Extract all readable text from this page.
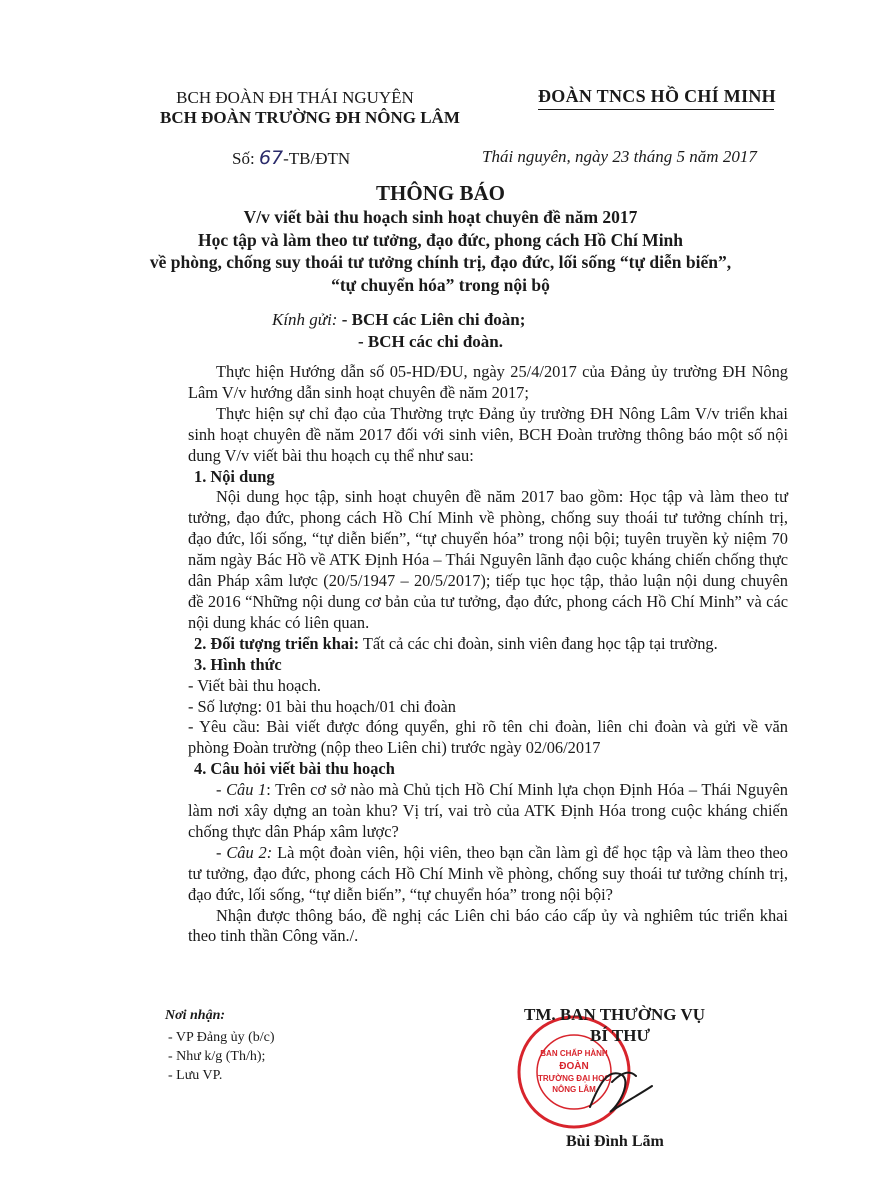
BCH ĐOÀN ĐH THÁI NGUYÊN
BCH ĐOÀN TRƯỜNG ĐH NÔNG LÂM
ĐOÀN TNCS HỒ CHÍ MINH
Số: 67-TB/ĐTN	Thái nguyên, ngày 23 tháng 5 năm 2017
THÔNG BÁO
V/v viết bài thu hoạch sinh hoạt chuyên đề năm 2017
Học tập và làm theo tư tưởng, đạo đức, phong cách Hồ Chí Minh
về phòng, chống suy thoái tư tưởng chính trị, đạo đức, lối sống “tự diễn biến”,
“tự chuyển hóa” trong nội bộ
Kính gửi: - BCH các Liên chi đoàn;
- BCH các chi đoàn.

Thực hiện Hướng dẫn số 05-HD/ĐU, ngày 25/4/2017 của Đảng ủy trường ĐH Nông Lâm V/v hướng dẫn sinh hoạt chuyên đề năm 2017;

Thực hiện sự chỉ đạo của Thường trực Đảng ủy trường ĐH Nông Lâm V/v triển khai sinh hoạt chuyên đề năm 2017 đối với sinh viên, BCH Đoàn trường thông báo một số nội dung V/v viết bài thu hoạch cụ thể như sau:

1. Nội dung

Nội dung học tập, sinh hoạt chuyên đề năm 2017 bao gồm: Học tập và làm theo tư tưởng, đạo đức, phong cách Hồ Chí Minh về phòng, chống suy thoái tư tưởng chính trị, đạo đức, lối sống, “tự diễn biến”, “tự chuyển hóa” trong nội bội; tuyên truyền kỷ niệm 70 năm ngày Bác Hồ về ATK Định Hóa – Thái Nguyên lãnh đạo cuộc kháng chiến chống thực dân Pháp xâm lược (20/5/1947 – 20/5/2017); tiếp tục học tập, thảo luận nội dung chuyên đề 2016 “Những nội dung cơ bản của tư tưởng, đạo đức, phong cách Hồ Chí Minh” và các nội dung khác có liên quan.

2. Đối tượng triển khai: Tất cả các chi đoàn, sinh viên đang học tập tại trường.

3. Hình thức

- Viết bài thu hoạch.

- Số lượng: 01 bài thu hoạch/01 chi đoàn

- Yêu cầu: Bài viết được đóng quyển, ghi rõ tên chi đoàn, liên chi đoàn và gửi về văn phòng Đoàn trường (nộp theo Liên chi) trước ngày 02/06/2017

4. Câu hỏi viết bài thu hoạch

- Câu 1: Trên cơ sở nào mà Chủ tịch Hồ Chí Minh lựa chọn Định Hóa – Thái Nguyên làm nơi xây dựng an toàn khu? Vị trí, vai trò của ATK Định Hóa trong cuộc kháng chiến chống thực dân Pháp xâm lược?

- Câu 2: Là một đoàn viên, hội viên, theo bạn cần làm gì để học tập và làm theo theo tư tưởng, đạo đức, phong cách Hồ Chí Minh về phòng, chống suy thoái tư tưởng chính trị, đạo đức, lối sống, “tự diễn biến”, “tự chuyển hóa” trong nội bội?

Nhận được thông báo, đề nghị các Liên chi báo cáo cấp ủy và nghiêm túc triển khai theo tinh thần Công văn./.

Nơi nhận:
- VP Đảng ủy (b/c)
- Như k/g (Th/h);
- Lưu VP.
BAN CHẤP HÀNH
ĐOÀN
TRƯỜNG ĐẠI HỌC
NÔNG LÂM
TM. BAN THƯỜNG VỤ
BÍ THƯ
Bùi Đình Lãm
